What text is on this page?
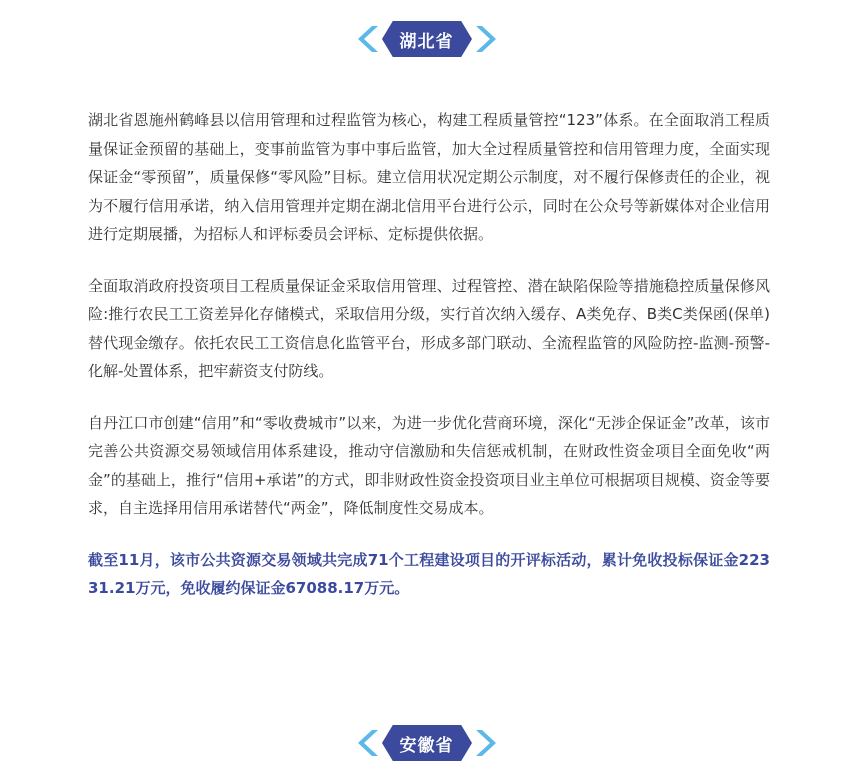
湖北省

湖北省恩施州鹤峰县以信用管理和过程监管为核心，构建工程质量管控“123”体系。在全面取消工程质量保证金预留的基础上，变事前监管为事中事后监管，加大全过程质量管控和信用管理力度，全面实现保证金“零预留”，质量保修“零风险”目标。建立信用状况定期公示制度，对不履行保修责任的企业，视为不履行信用承诺，纳入信用管理并定期在湖北信用平台进行公示，同时在公众号等新媒体对企业信用进行定期展播，为招标人和评标委员会评标、定标提供依据。

全面取消政府投资项目工程质量保证金采取信用管理、过程管控、潜在缺陷保险等措施稳控质量保修风险:推行农民工工资差异化存储模式，采取信用分级，实行首次纳入缓存、A类免存、B类C类保函(保单)替代现金缴存。依托农民工工资信息化监管平台，形成多部门联动、全流程监管的风险防控-监测-预警-化解-处置体系，把牢薪资支付防线。

自丹江口市创建“信用”和“零收费城市”以来，为进一步优化营商环境，深化“无涉企保证金”改革，该市完善公共资源交易领域信用体系建设，推动守信激励和失信惩戒机制，在财政性资金项目全面免收“两金”的基础上，推行“信用+承诺”的方式，即非财政性资金投资项目业主单位可根据项目规模、资金等要求，自主选择用信用承诺替代“两金”，降低制度性交易成本。

截至11月，该市公共资源交易领域共完成71个工程建设项目的开评标活动，累计免收投标保证金22331.21万元，免收履约保证金67088.17万元。

安徽省
